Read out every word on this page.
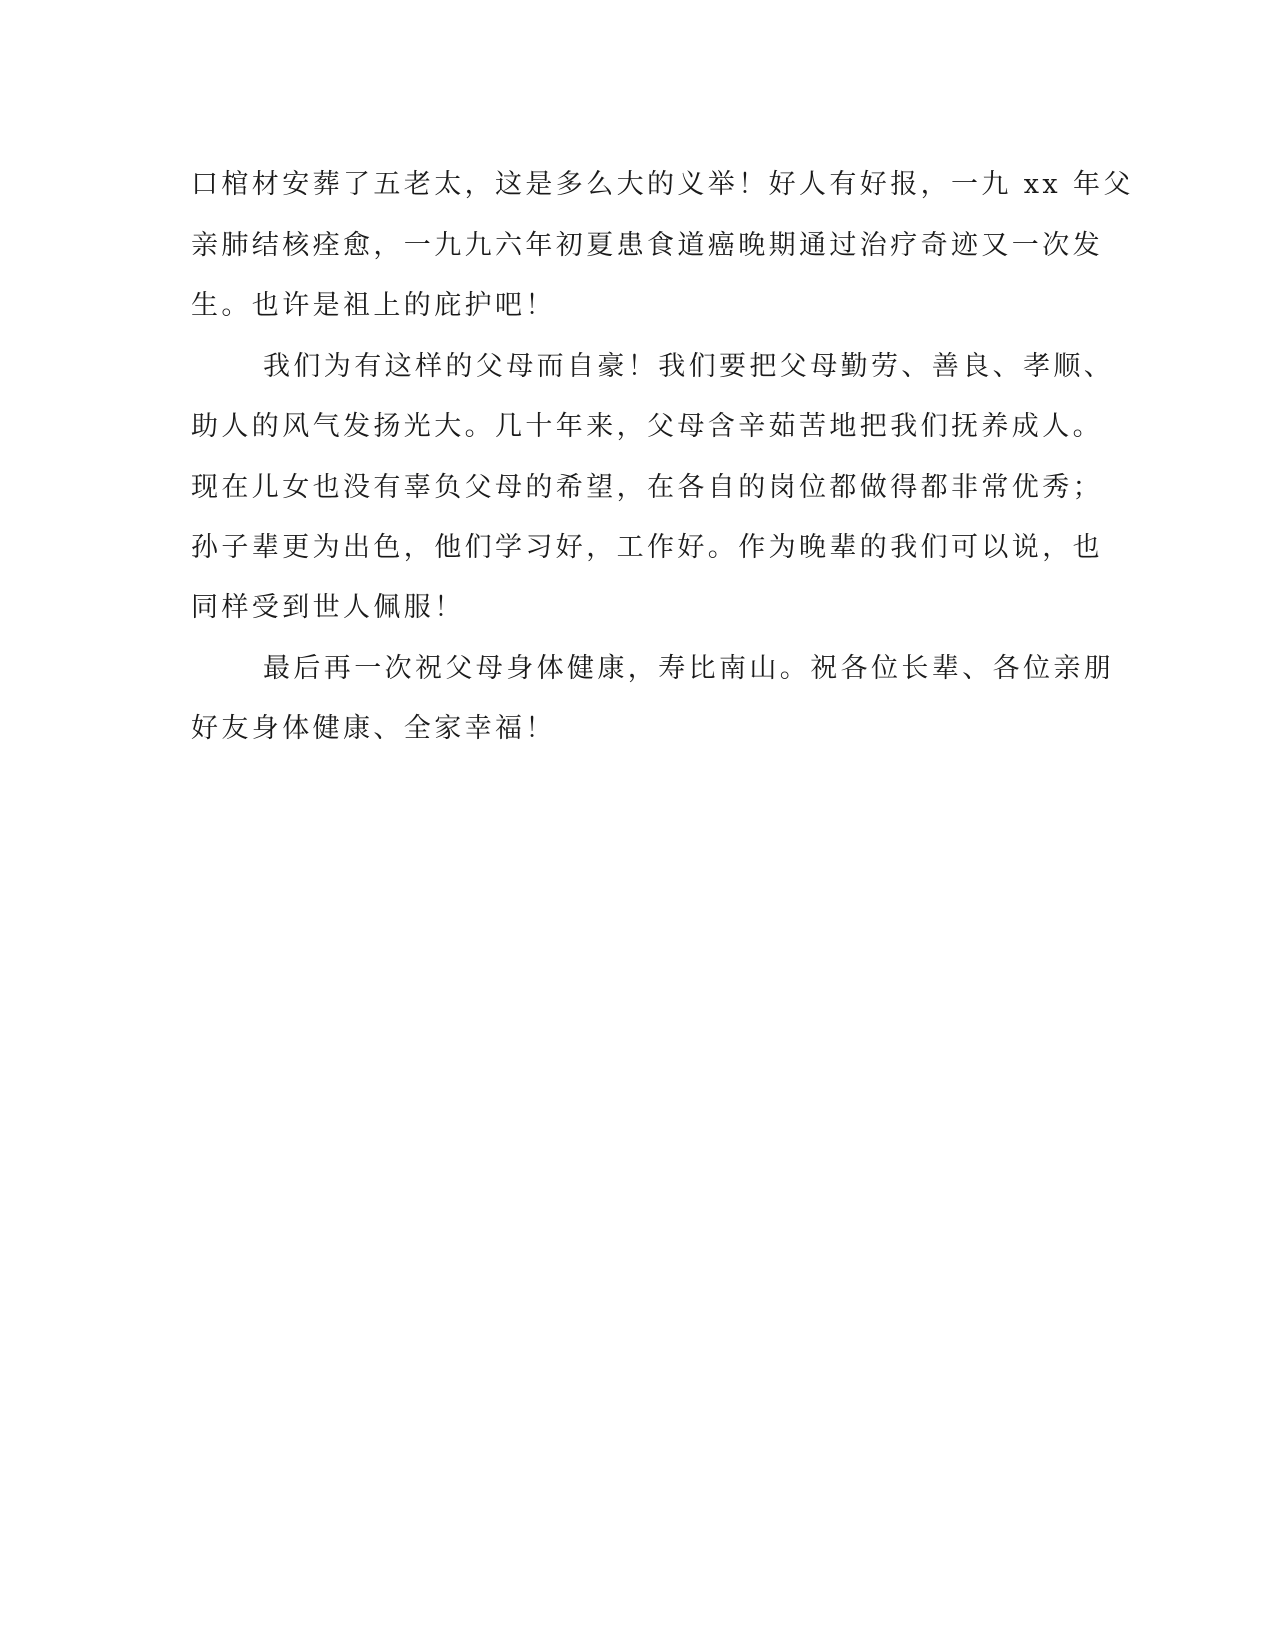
口棺材安葬了五老太，这是多么大的义举！好人有好报，一九 xx 年父
亲肺结核痊愈，一九九六年初夏患食道癌晚期通过治疗奇迹又一次发
生。也许是祖上的庇护吧！
我们为有这样的父母而自豪！我们要把父母勤劳、善良、孝顺、
助人的风气发扬光大。几十年来，父母含辛茹苦地把我们抚养成人。
现在儿女也没有辜负父母的希望，在各自的岗位都做得都非常优秀；
孙子辈更为出色，他们学习好，工作好。作为晚辈的我们可以说，也
同样受到世人佩服！
最后再一次祝父母身体健康，寿比南山。祝各位长辈、各位亲朋
好友身体健康、全家幸福！
